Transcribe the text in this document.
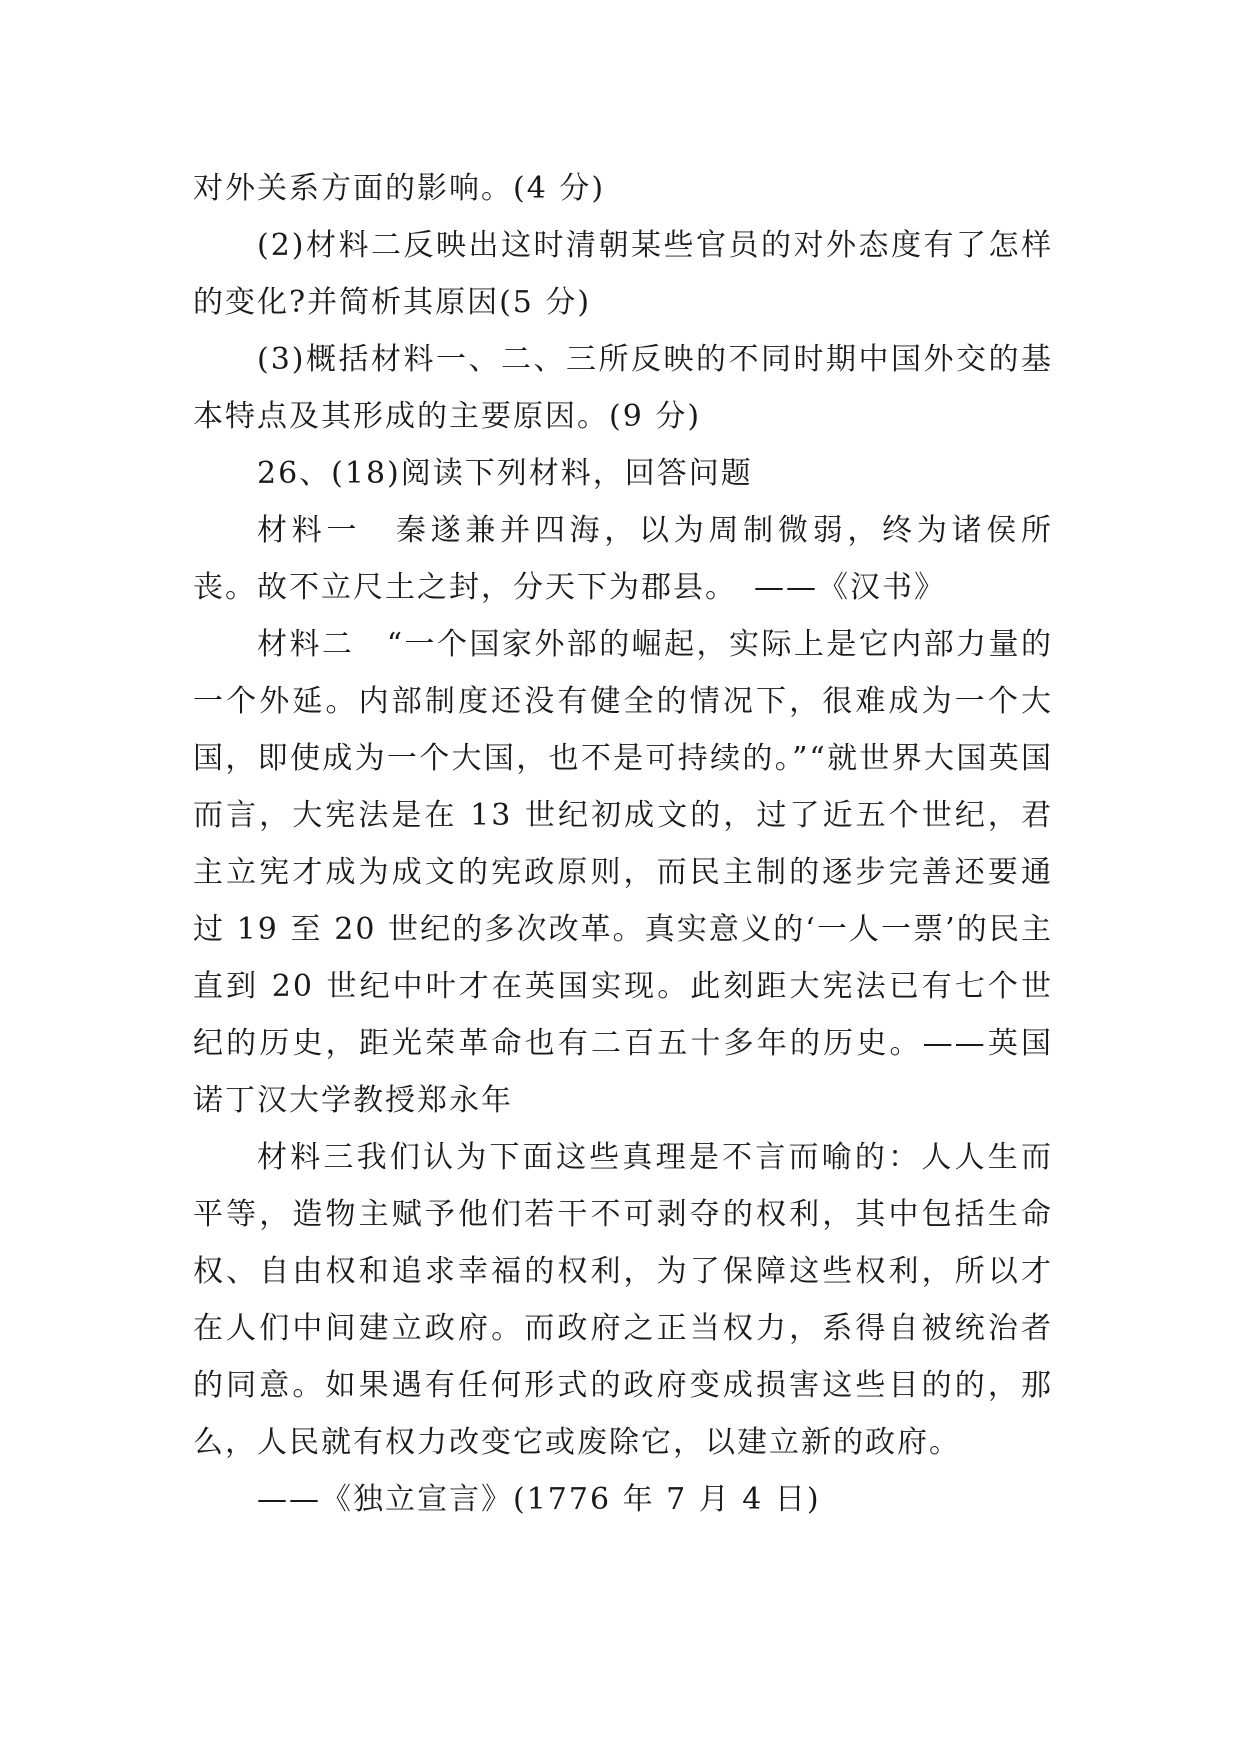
对外关系方面的影响。(4 分)

(2)材料二反映出这时清朝某些官员的对外态度有了怎样的变化?并简析其原因(5 分)

(3)概括材料一、二、三所反映的不同时期中国外交的基本特点及其形成的主要原因。(9 分)

26、(18)阅读下列材料，回答问题

材料一　秦遂兼并四海，以为周制微弱，终为诸侯所丧。故不立尺土之封，分天下为郡县。　——《汉书》

材料二　“一个国家外部的崛起，实际上是它内部力量的一个外延。内部制度还没有健全的情况下，很难成为一个大国，即使成为一个大国，也不是可持续的。”“就世界大国英国而言，大宪法是在 13 世纪初成文的，过了近五个世纪，君主立宪才成为成文的宪政原则，而民主制的逐步完善还要通过 19 至 20 世纪的多次改革。真实意义的‘一人一票’的民主直到 20 世纪中叶才在英国实现。此刻距大宪法已有七个世纪的历史，距光荣革命也有二百五十多年的历史。——英国诺丁汉大学教授郑永年

材料三我们认为下面这些真理是不言而喻的：人人生而平等，造物主赋予他们若干不可剥夺的权利，其中包括生命权、自由权和追求幸福的权利，为了保障这些权利，所以才在人们中间建立政府。而政府之正当权力，系得自被统治者的同意。如果遇有任何形式的政府变成损害这些目的的，那么，人民就有权力改变它或废除它，以建立新的政府。

——《独立宣言》(1776 年 7 月 4 日)
